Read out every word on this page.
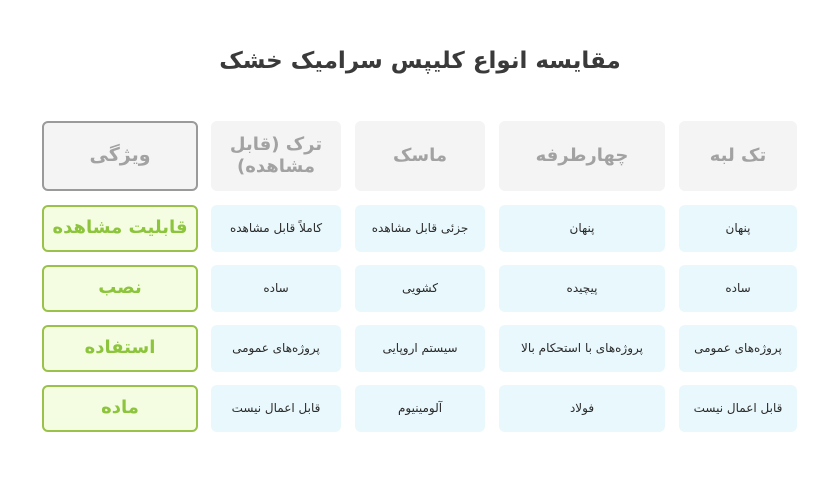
مقایسه انواع کلیپس سرامیک خشک
تک لبه
چهارطرفه
ماسک
ترک (قابل مشاهده)
ویژگی
پنهان
پنهان
جزئی قابل مشاهده
کاملاً قابل مشاهده
قابلیت مشاهده
ساده
پیچیده
کشویی
ساده
نصب
پروژه‌های عمومی
پروژه‌های با استحکام بالا
سیستم اروپایی
پروژه‌های عمومی
استفاده
قابل اعمال نیست
فولاد
آلومینیوم
قابل اعمال نیست
ماده
